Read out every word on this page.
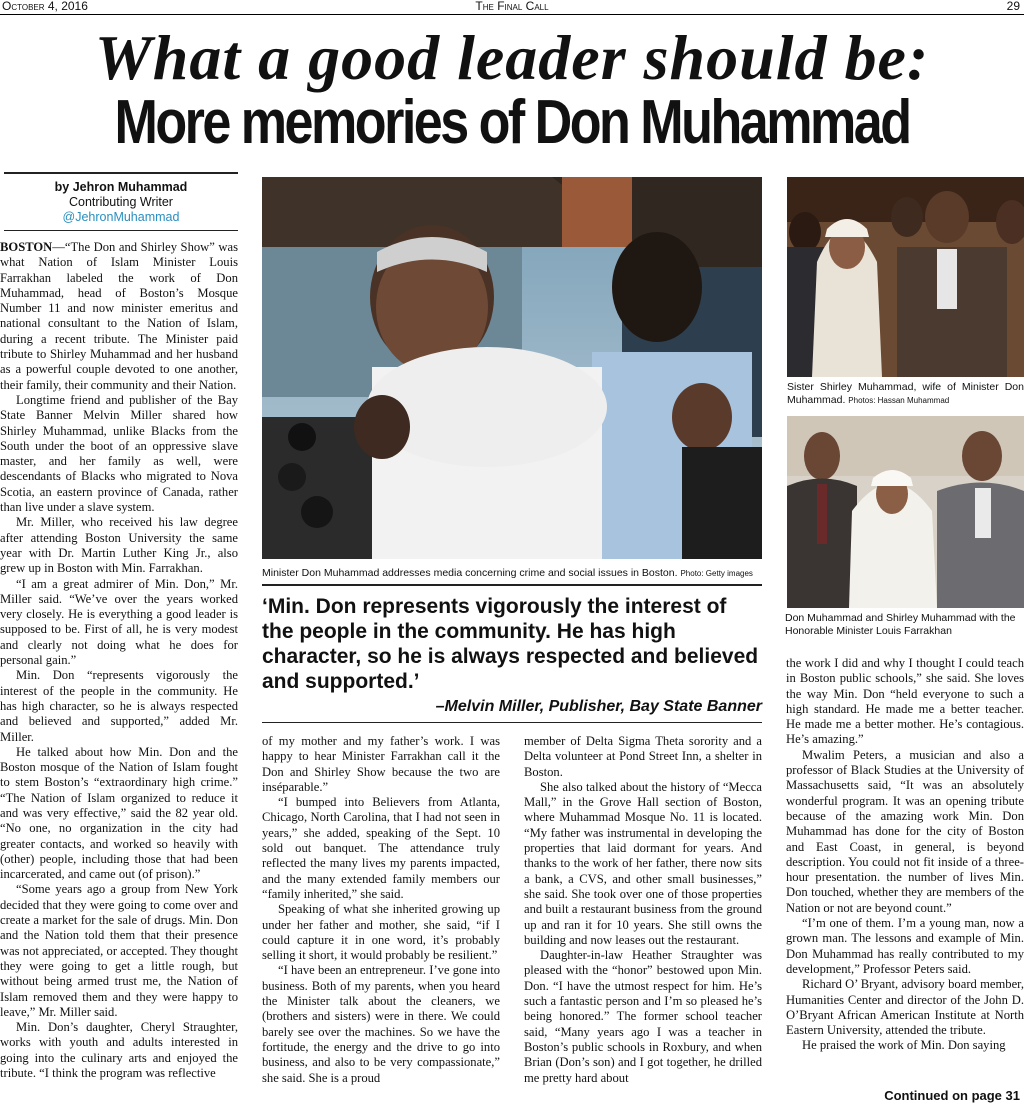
October 4, 2016	The Final Call	29
What a good leader should be:
More memories of Don Muhammad
by Jehron Muhammad
Contributing Writer
@JehronMuhammad

BOSTON—“The Don and Shirley Show” was what Nation of Islam Minister Louis Farrakhan labeled the work of Don Muhammad, head of Boston’s Mosque Number 11 and now minister emeritus and national consultant to the Nation of Islam, during a recent tribute. The Minister paid tribute to Shirley Muhammad and her husband as a powerful couple devoted to one another, their family, their community and their Nation.

Longtime friend and publisher of the Bay State Banner Melvin Miller shared how Shirley Muhammad, unlike Blacks from the South under the boot of an oppressive slave master, and her family as well, were descendants of Blacks who migrated to Nova Scotia, an eastern province of Canada, rather than live under a slave system.

Mr. Miller, who received his law degree after attending Boston University the same year with Dr. Martin Luther King Jr., also grew up in Boston with Min. Farrakhan.

“I am a great admirer of Min. Don,” Mr. Miller said. “We’ve over the years worked very closely. He is everything a good leader is supposed to be. First of all, he is very modest and clearly not doing what he does for personal gain.”

Min. Don “represents vigorously the interest of the people in the community. He has high character, so he is always respected and believed and supported,” added Mr. Miller.

He talked about how Min. Don and the Boston mosque of the Nation of Islam fought to stem Boston’s “extraordinary high crime.” “The Nation of Islam organized to reduce it and was very effective,” said the 82 year old. “No one, no organization in the city had greater contacts, and worked so heavily with (other) people, including those that had been incarcerated, and came out (of prison).”

“Some years ago a group from New York decided that they were going to come over and create a market for the sale of drugs. Min. Don and the Nation told them that their presence was not appreciated, or accepted. They thought they were going to get a little rough, but without being armed trust me, the Nation of Islam removed them and they were happy to leave,” Mr. Miller said.

Min. Don’s daughter, Cheryl Straughter, works with youth and adults interested in going into the culinary arts and enjoyed the tribute. “I think the program was reflective

Minister Don Muhammad addresses media concerning crime and social issues in Boston. Photo: Getty images
‘Min. Don represents vigorously the interest of the people in the community. He has high character, so he is always respected and believed and supported.’
–Melvin Miller, Publisher, Bay State Banner

of my mother and my father’s work. I was happy to hear Minister Farrakhan call it the Don and Shirley Show because the two are inséparable.”

“I bumped into Believers from Atlanta, Chicago, North Carolina, that I had not seen in years,” she added, speaking of the Sept. 10 sold out banquet. The attendance truly reflected the many lives my parents impacted, and the many extended family members our “family inherited,” she said.

Speaking of what she inherited growing up under her father and mother, she said, “if I could capture it in one word, it’s probably selling it short, it would probably be resilient.”

“I have been an entrepreneur. I’ve gone into business. Both of my parents, when you heard the Minister talk about the cleaners, we (brothers and sisters) were in there. We could barely see over the machines. So we have the fortitude, the energy and the drive to go into business, and also to be very compassionate,” she said. She is a proud

member of Delta Sigma Theta sorority and a Delta volunteer at Pond Street Inn, a shelter in Boston.

She also talked about the history of “Mecca Mall,” in the Grove Hall section of Boston, where Muhammad Mosque No. 11 is located. “My father was instrumental in developing the properties that laid dormant for years. And thanks to the work of her father, there now sits a bank, a CVS, and other small businesses,” she said. She took over one of those properties and built a restaurant business from the ground up and ran it for 10 years. She still owns the building and now leases out the restaurant.

Daughter-in-law Heather Straughter was pleased with the “honor” bestowed upon Min. Don. “I have the utmost respect for him. He’s such a fantastic person and I’m so pleased he’s being honored.” The former school teacher said, “Many years ago I was a teacher in Boston’s public schools in Roxbury, and when Brian (Don’s son) and I got together, he drilled me pretty hard about

Sister Shirley Muhammad, wife of Minister Don Muhammad. Photos: Hassan Muhammad
Don Muhammad and Shirley Muhammad with the Honorable Minister Louis Farrakhan

the work I did and why I thought I could teach in Boston public schools,” she said. She loves the way Min. Don “held everyone to such a high standard. He made me a better teacher. He made me a better mother. He’s contagious. He’s amazing.”

Mwalim Peters, a musician and also a professor of Black Studies at the University of Massachusetts said, “It was an absolutely wonderful program. It was an opening tribute because of the amazing work Min. Don Muhammad has done for the city of Boston and East Coast, in general, is beyond description. You could not fit inside of a three-hour presentation. the number of lives Min. Don touched, whether they are members of the Nation or not are beyond count.”

“I’m one of them. I’m a young man, now a grown man. The lessons and example of Min. Don Muhammad has really contributed to my development,” Professor Peters said.

Richard O’ Bryant, advisory board member, Humanities Center and director of the John D. O’Bryant African American Institute at North Eastern University, attended the tribute.

He praised the work of Min. Don saying

Continued on page 31
